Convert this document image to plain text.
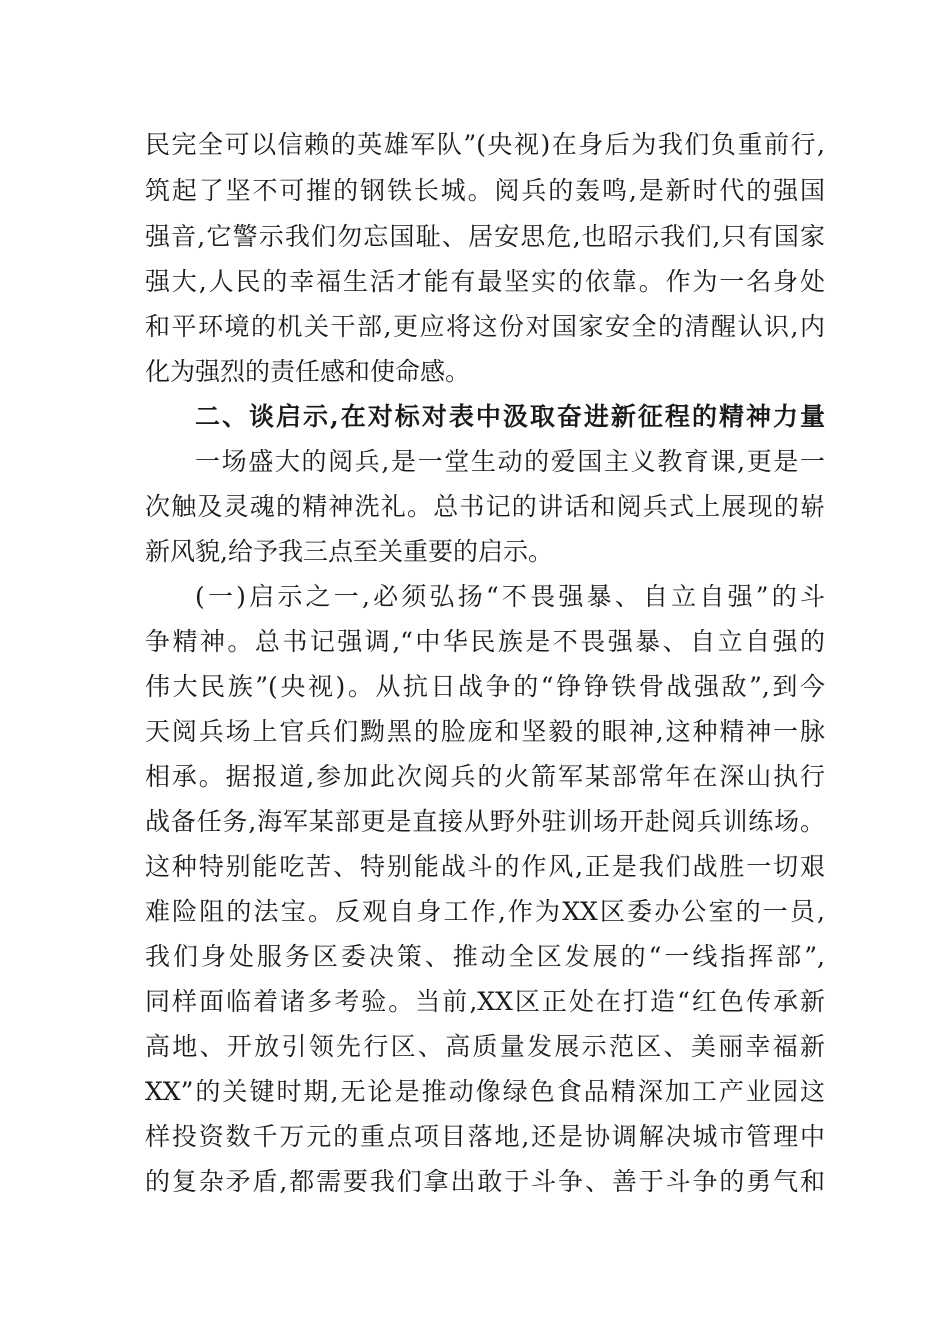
民完全可以信赖的英雄军队”(央视)在身后为我们负重前行,
筑起了坚不可摧的钢铁长城。阅兵的轰鸣,是新时代的强国
强音,它警示我们勿忘国耻、居安思危,也昭示我们,只有国家
强大,人民的幸福生活才能有最坚实的依靠。作为一名身处
和平环境的机关干部,更应将这份对国家安全的清醒认识,内
化为强烈的责任感和使命感。
二、谈启示,在对标对表中汲取奋进新征程的精神力量
一场盛大的阅兵,是一堂生动的爱国主义教育课,更是一
次触及灵魂的精神洗礼。总书记的讲话和阅兵式上展现的崭
新风貌,给予我三点至关重要的启示。
(一)启示之一,必须弘扬“不畏强暴、自立自强”的斗
争精神。总书记强调,“中华民族是不畏强暴、自立自强的
伟大民族”(央视)。从抗日战争的“铮铮铁骨战强敌”,到今
天阅兵场上官兵们黝黑的脸庞和坚毅的眼神,这种精神一脉
相承。据报道,参加此次阅兵的火箭军某部常年在深山执行
战备任务,海军某部更是直接从野外驻训场开赴阅兵训练场。
这种特别能吃苦、特别能战斗的作风,正是我们战胜一切艰
难险阻的法宝。反观自身工作,作为XX区委办公室的一员,
我们身处服务区委决策、推动全区发展的“一线指挥部”,
同样面临着诸多考验。当前,XX区正处在打造“红色传承新
高地、开放引领先行区、高质量发展示范区、美丽幸福新
XX”的关键时期,无论是推动像绿色食品精深加工产业园这
样投资数千万元的重点项目落地,还是协调解决城市管理中
的复杂矛盾,都需要我们拿出敢于斗争、善于斗争的勇气和
